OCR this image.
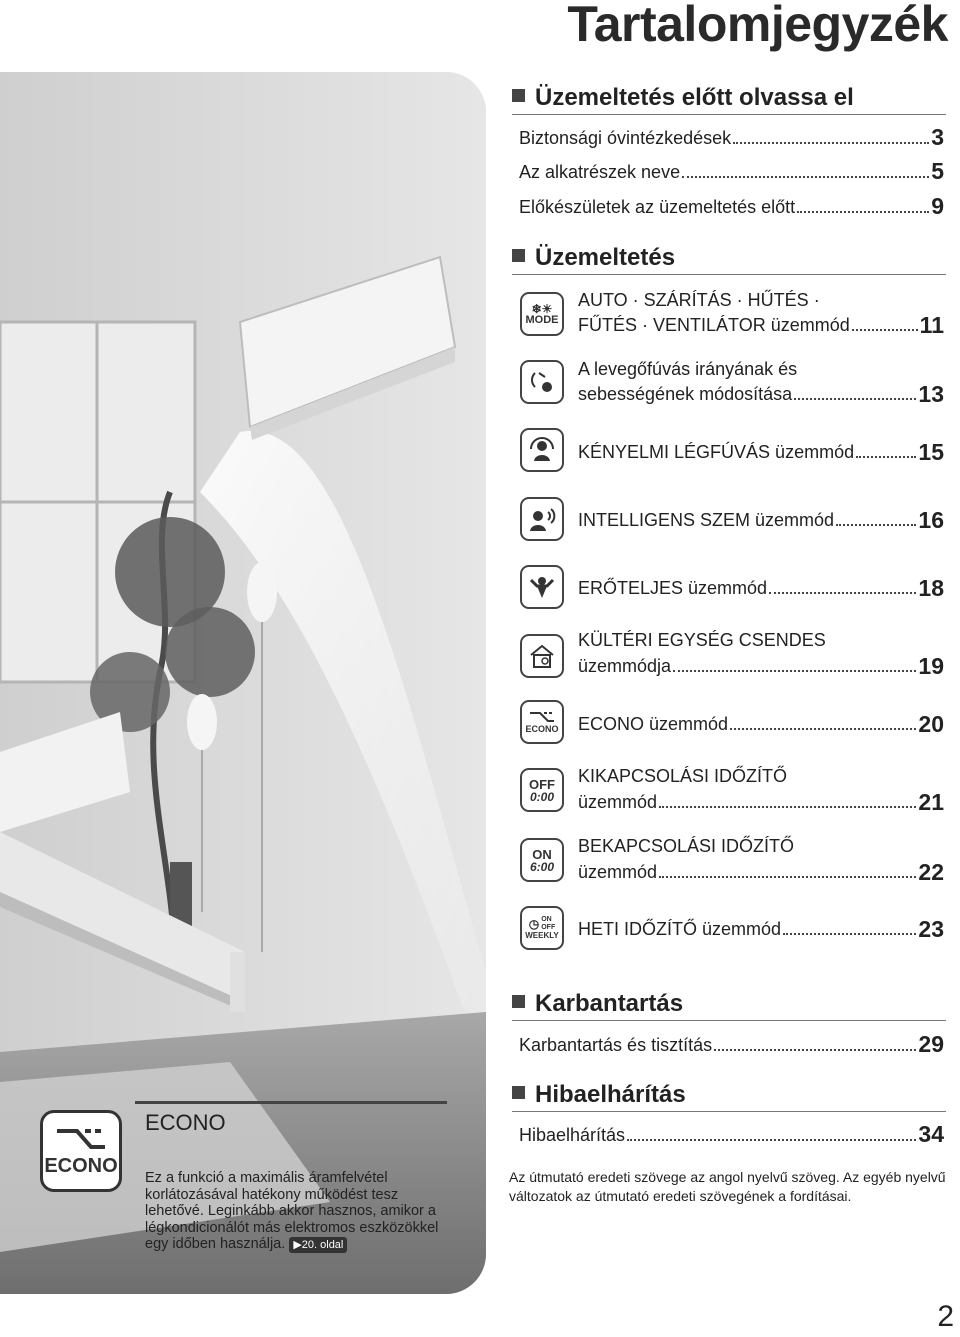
Tartalomjegyzék
Üzemeltetés előtt olvassa el
Biztonsági óvintézkedések	3
Az alkatrészek neve	5
Előkészületek az üzemeltetés előtt	9
Üzemeltetés
❄☀
MODE
AUTO · SZÁRÍTÁS · HŰTÉS ·
FŰTÉS · VENTILÁTOR üzemmód	11
A levegőfúvás irányának és
sebességének módosítása	13
KÉNYELMI LÉGFÚVÁS üzemmód	15
INTELLIGENS SZEM üzemmód	16
ERŐTELJES üzemmód	18
KÜLTÉRI EGYSÉG CSENDES
üzemmódja	19
ECONO ECONO üzemmód	20
OFF
0:00
KIKAPCSOLÁSI IDŐZÍTŐ
üzemmód	21
ON
6:00
BEKAPCSOLÁSI IDŐZÍTŐ
üzemmód	22
◷ ON
OFF
WEEKLY HETI IDŐZÍTŐ üzemmód	23
Karbantartás
Karbantartás és tisztítás	29
Hibaelhárítás
Hibaelhárítás	34
Az útmutató eredeti szövege az angol nyelvű szöveg. Az egyéb nyelvű változatok az útmutató eredeti szövegének a fordításai.
ECONO
ECONO
Ez a funkció a maximális áramfelvétel korlátozásával hatékony működést tesz lehetővé. Leginkább akkor hasznos, amikor a légkondicionálót más elektromos eszközökkel egy időben használja. ▶20. oldal
2
